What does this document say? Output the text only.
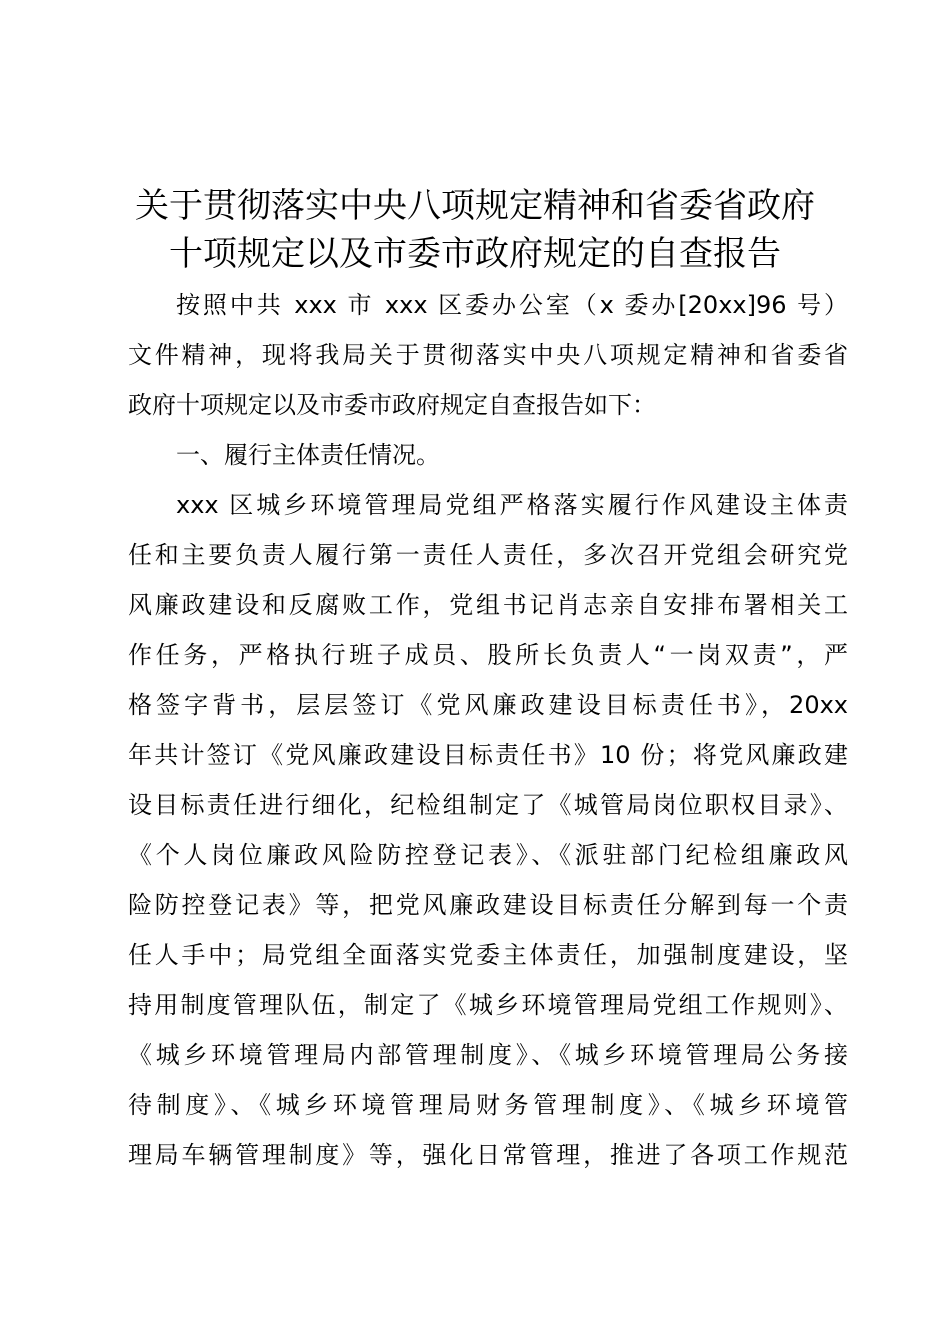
关于贯彻落实中央八项规定精神和省委省政府
十项规定以及市委市政府规定的自查报告
按照中共 xxx 市 xxx 区委办公室（x 委办[20xx]96 号）
文件精神，现将我局关于贯彻落实中央八项规定精神和省委省
政府十项规定以及市委市政府规定自查报告如下：
一、履行主体责任情况。
xxx 区城乡环境管理局党组严格落实履行作风建设主体责
任和主要负责人履行第一责任人责任，多次召开党组会研究党
风廉政建设和反腐败工作，党组书记肖志亲自安排布署相关工
作任务，严格执行班子成员、股所长负责人“一岗双责”，严
格签字背书，层层签订《党风廉政建设目标责任书》，20xx
年共计签订《党风廉政建设目标责任书》10 份；将党风廉政建
设目标责任进行细化，纪检组制定了《城管局岗位职权目录》、
《个人岗位廉政风险防控登记表》、《派驻部门纪检组廉政风
险防控登记表》等，把党风廉政建设目标责任分解到每一个责
任人手中；局党组全面落实党委主体责任，加强制度建设，坚
持用制度管理队伍，制定了《城乡环境管理局党组工作规则》、
《城乡环境管理局内部管理制度》、《城乡环境管理局公务接
待制度》、《城乡环境管理局财务管理制度》、《城乡环境管
理局车辆管理制度》等，强化日常管理，推进了各项工作规范
